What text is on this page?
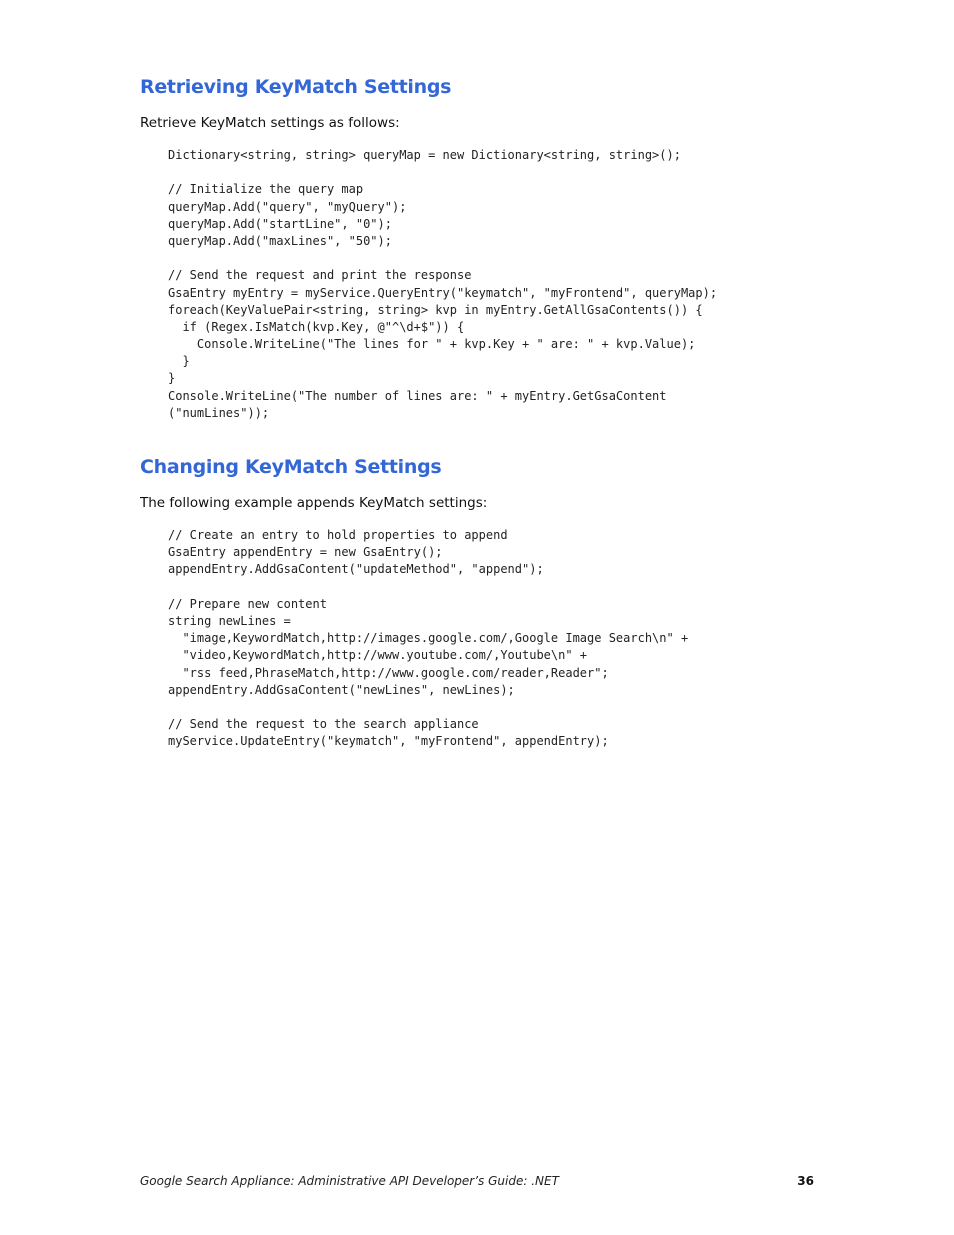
Retrieving KeyMatch Settings

Retrieve KeyMatch settings as follows:

Dictionary<string, string> queryMap = new Dictionary<string, string>();
// Initialize the query map
queryMap.Add("query", "myQuery");
queryMap.Add("startLine", "0");
queryMap.Add("maxLines", "50");
// Send the request and print the response
GsaEntry myEntry = myService.QueryEntry("keymatch", "myFrontend", queryMap);
foreach(KeyValuePair<string, string> kvp in myEntry.GetAllGsaContents()) {
if (Regex.IsMatch(kvp.Key, @"^\d+$")) {
Console.WriteLine("The lines for " + kvp.Key + " are: " + kvp.Value);
}
}
Console.WriteLine("The number of lines are: " + myEntry.GetGsaContent
("numLines"));
Changing KeyMatch Settings

The following example appends KeyMatch settings:

// Create an entry to hold properties to append
GsaEntry appendEntry = new GsaEntry();
appendEntry.AddGsaContent("updateMethod", "append");
// Prepare new content
string newLines =
"image,KeywordMatch,http://images.google.com/,Google Image Search\n" +
"video,KeywordMatch,http://www.youtube.com/,Youtube\n" +
"rss feed,PhraseMatch,http://www.google.com/reader,Reader";
appendEntry.AddGsaContent("newLines", newLines);
// Send the request to the search appliance
myService.UpdateEntry("keymatch", "myFrontend", appendEntry);
Google Search Appliance: Administrative API Developer’s Guide: .NET	36
